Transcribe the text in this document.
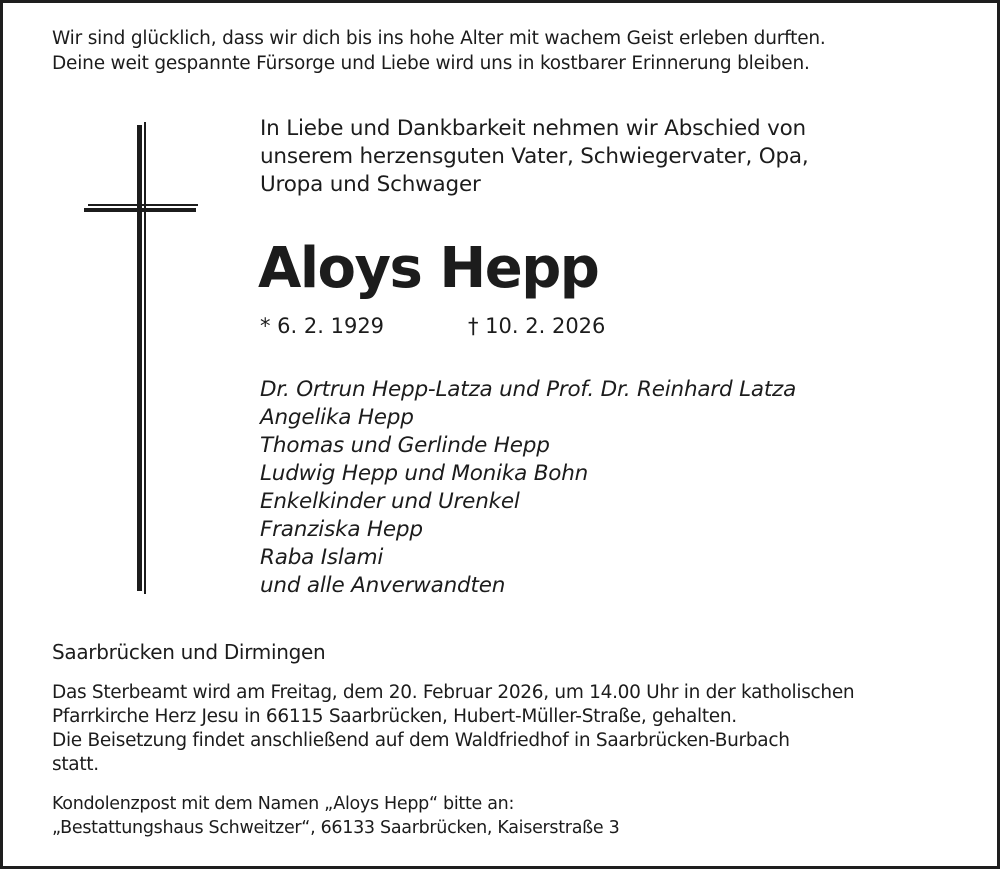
Wir sind glücklich, dass wir dich bis ins hohe Alter mit wachem Geist erleben durften.
Deine weit gespannte Fürsorge und Liebe wird uns in kostbarer Erinnerung bleiben.
In Liebe und Dankbarkeit nehmen wir Abschied von
unserem herzensguten Vater, Schwiegervater, Opa,
Uropa und Schwager
Aloys Hepp
* 6. 2. 1929	† 10. 2. 2026
Dr. Ortrun Hepp-Latza und Prof. Dr. Reinhard Latza
Angelika Hepp
Thomas und Gerlinde Hepp
Ludwig Hepp und Monika Bohn
Enkelkinder und Urenkel
Franziska Hepp
Raba Islami
und alle Anverwandten
Saarbrücken und Dirmingen
Das Sterbeamt wird am Freitag, dem 20. Februar 2026, um 14.00 Uhr in der katholischen
Pfarrkirche Herz Jesu in 66115 Saarbrücken, Hubert-Müller-Straße, gehalten.
Die Beisetzung findet anschließend auf dem Waldfriedhof in Saarbrücken-Burbach
statt.
Kondolenzpost mit dem Namen „Aloys Hepp“ bitte an:
„Bestattungshaus Schweitzer“, 66133 Saarbrücken, Kaiserstraße 3
